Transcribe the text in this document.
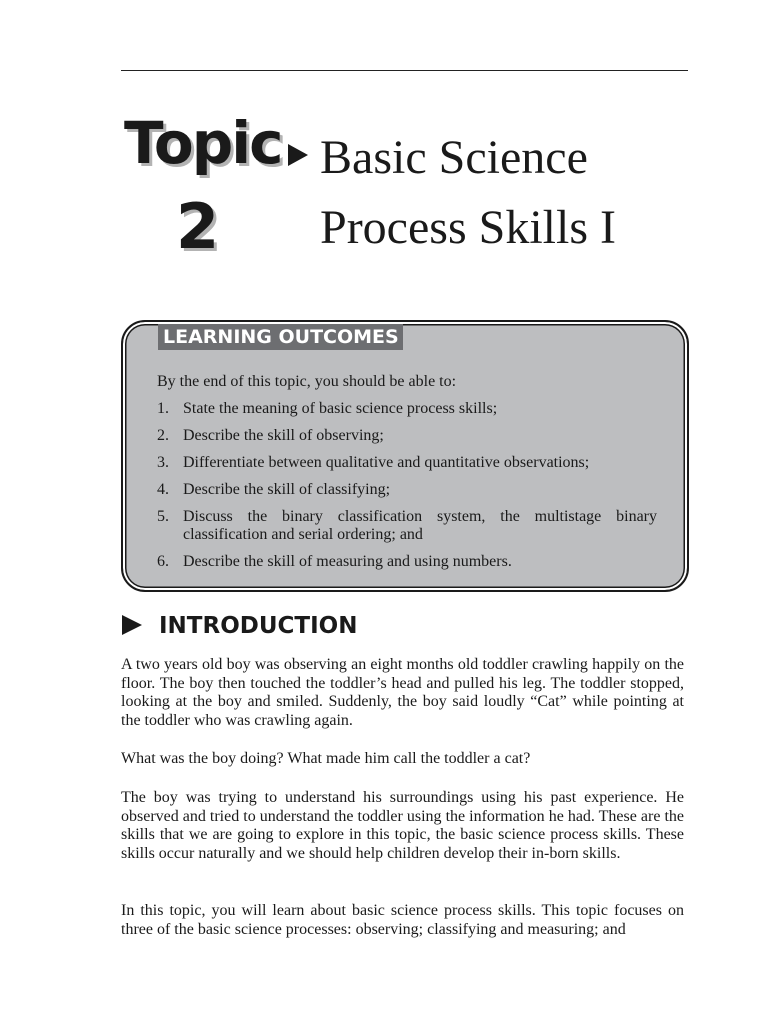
Topic
2
Basic Science
Process Skills I
LEARNING OUTCOMES
By the end of this topic, you should be able to:
1. State the meaning of basic science process skills;
2. Describe the skill of observing;
3. Differentiate between qualitative and quantitative observations;
4. Describe the skill of classifying;
5. Discuss the binary classification system, the multistage binary classification and serial ordering; and
6. Describe the skill of measuring and using numbers.
INTRODUCTION

A two years old boy was observing an eight months old toddler crawling happily on the floor. The boy then touched the toddler’s head and pulled his leg. The toddler stopped, looking at the boy and smiled. Suddenly, the boy said loudly “Cat” while pointing at the toddler who was crawling again.

What was the boy doing? What made him call the toddler a cat?

The boy was trying to understand his surroundings using his past experience. He observed and tried to understand the toddler using the information he had. These are the skills that we are going to explore in this topic, the basic science process skills. These skills occur naturally and we should help children develop their in-born skills.

In this topic, you will learn about basic science process skills. This topic focuses on three of the basic science processes: observing; classifying and measuring; and
